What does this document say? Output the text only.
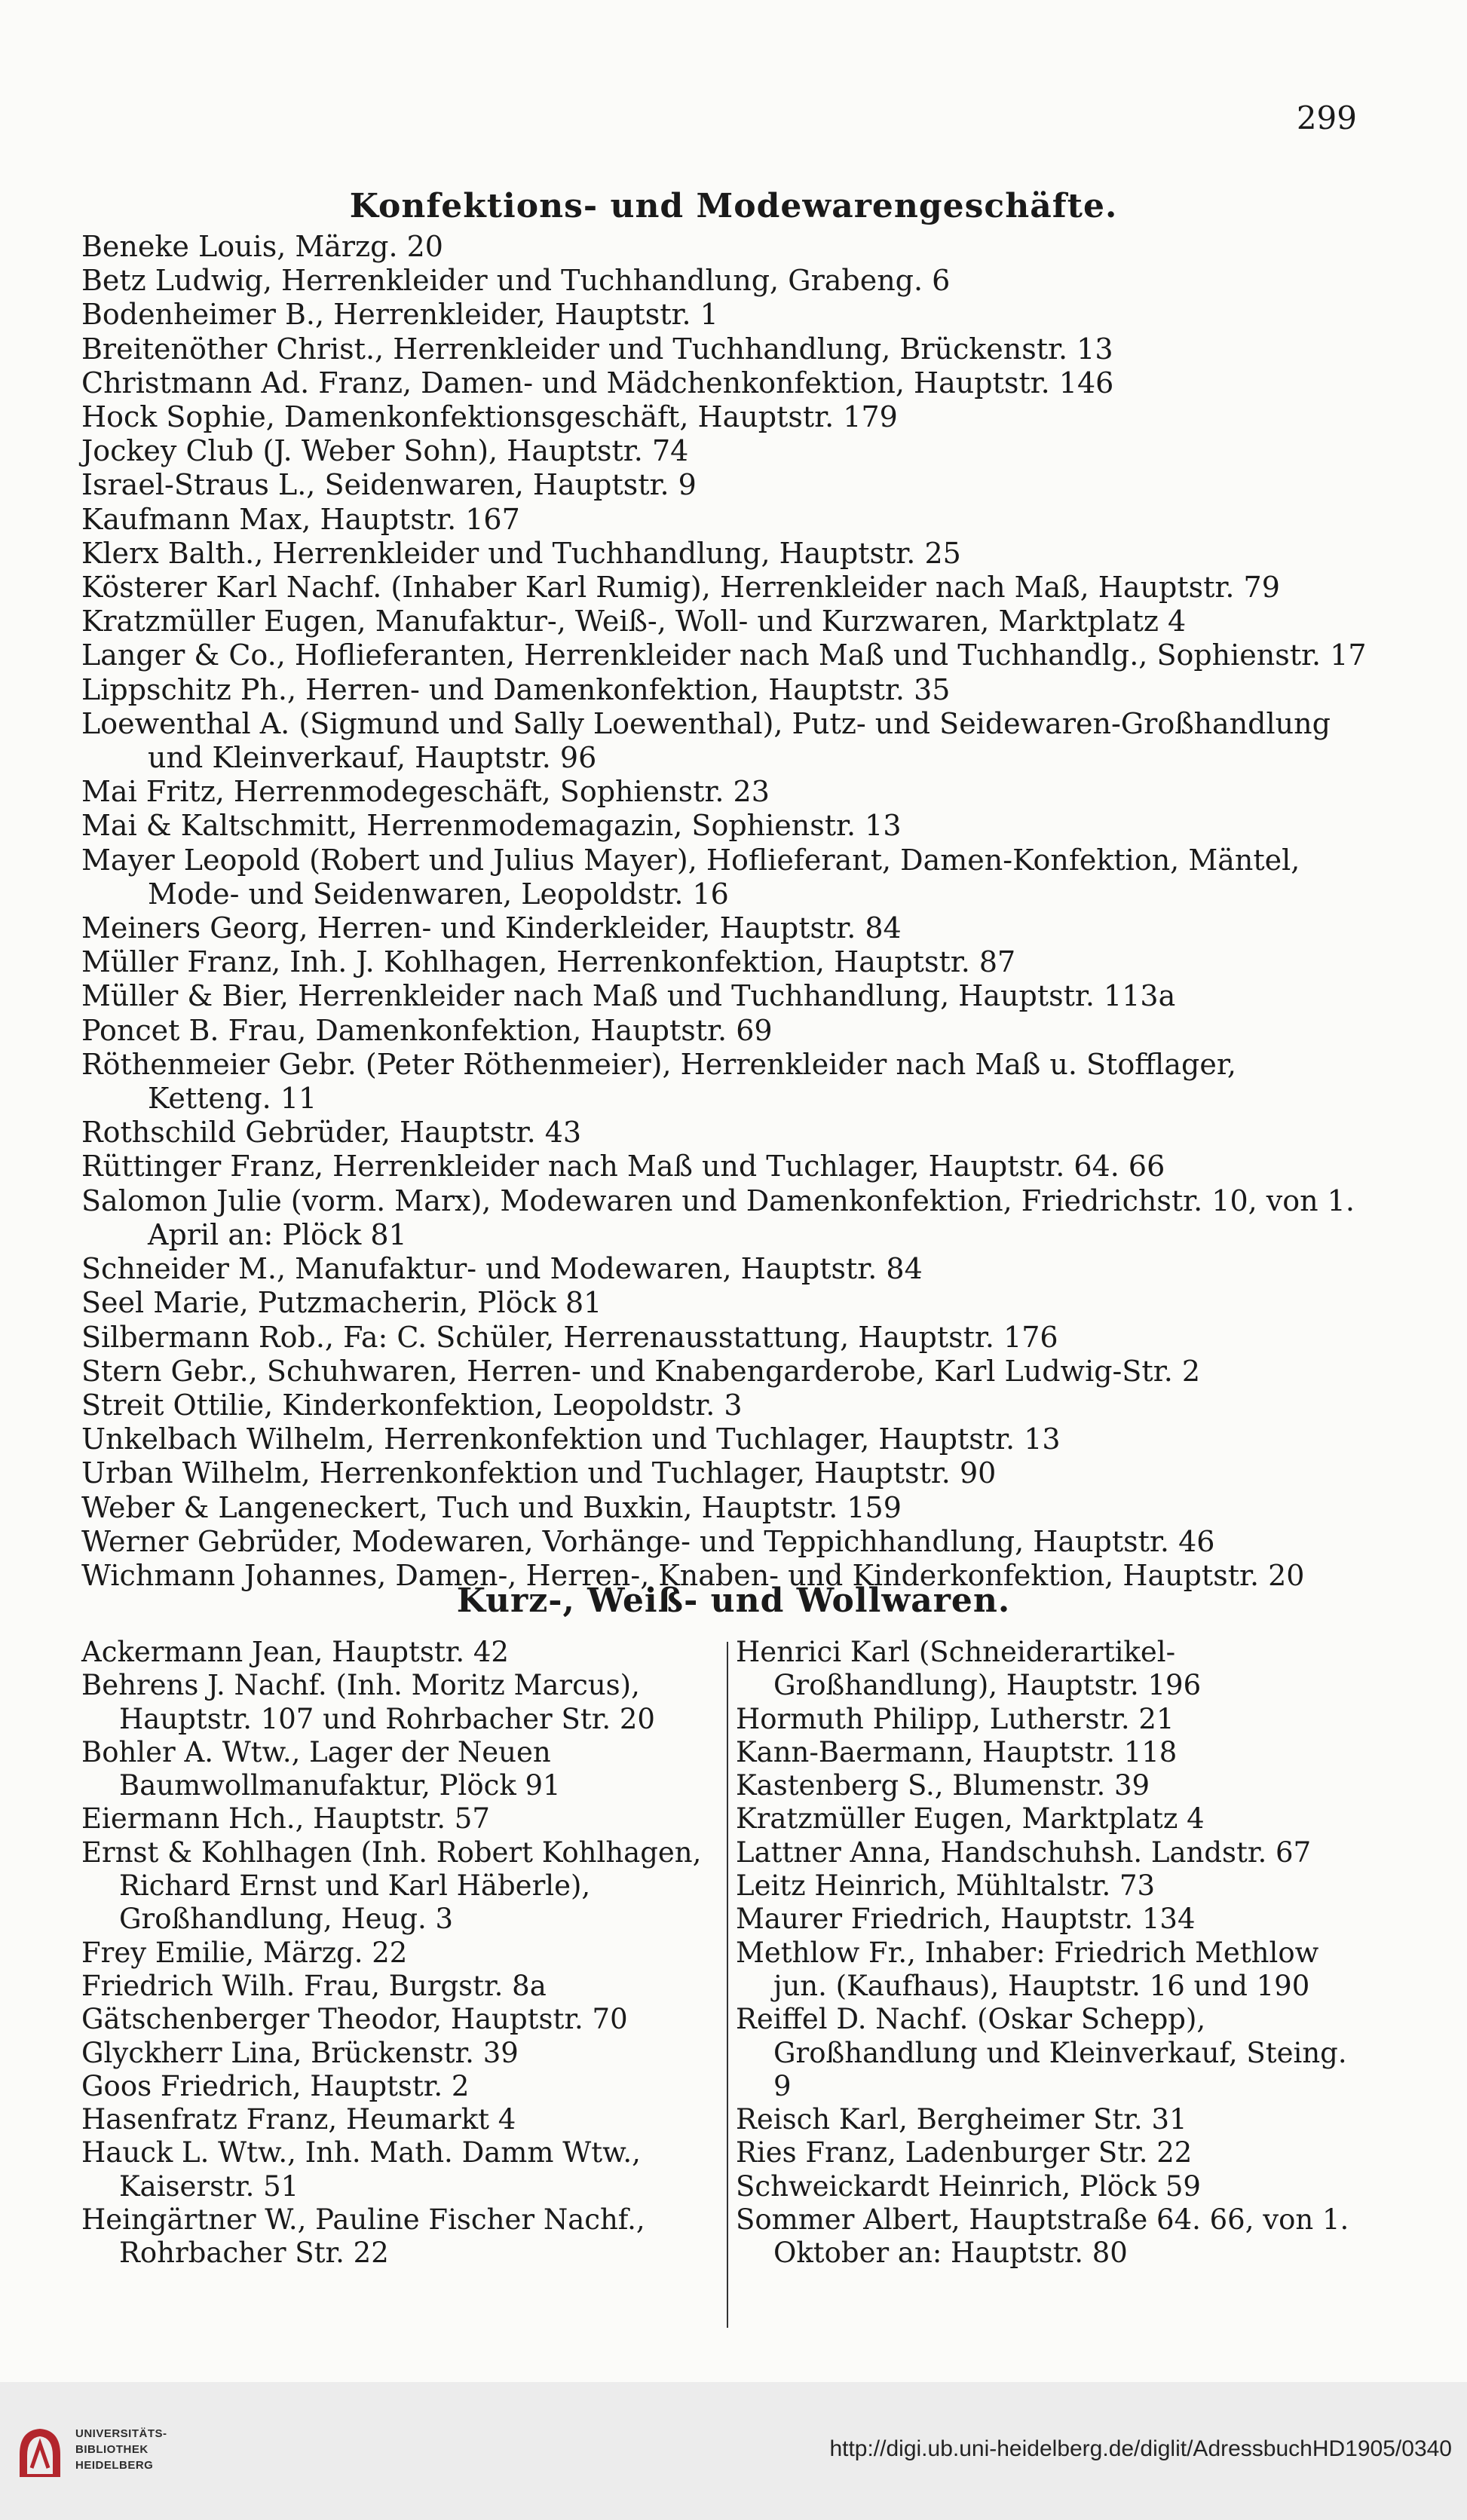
299
Konfektions- und Modewarengeschäfte.
Beneke Louis, Märzg. 20
Betz Ludwig, Herrenkleider und Tuchhandlung, Grabeng. 6
Bodenheimer B., Herrenkleider, Hauptstr. 1
Breitenöther Christ., Herrenkleider und Tuchhandlung, Brückenstr. 13
Christmann Ad. Franz, Damen- und Mädchenkonfektion, Hauptstr. 146
Hock Sophie, Damenkonfektionsgeschäft, Hauptstr. 179
Jockey Club (J. Weber Sohn), Hauptstr. 74
Israel-Straus L., Seidenwaren, Hauptstr. 9
Kaufmann Max, Hauptstr. 167
Klerx Balth., Herrenkleider und Tuchhandlung, Hauptstr. 25
Kösterer Karl Nachf. (Inhaber Karl Rumig), Herrenkleider nach Maß, Hauptstr. 79
Kratzmüller Eugen, Manufaktur-, Weiß-, Woll- und Kurzwaren, Marktplatz 4
Langer & Co., Hoflieferanten, Herrenkleider nach Maß und Tuchhandlg., Sophienstr. 17
Lippschitz Ph., Herren- und Damenkonfektion, Hauptstr. 35
Loewenthal A. (Sigmund und Sally Loewenthal), Putz- und Seidewaren-Großhandlung und Kleinverkauf, Hauptstr. 96
Mai Fritz, Herrenmodegeschäft, Sophienstr. 23
Mai & Kaltschmitt, Herrenmodemagazin, Sophienstr. 13
Mayer Leopold (Robert und Julius Mayer), Hoflieferant, Damen-Konfektion, Mäntel, Mode- und Seidenwaren, Leopoldstr. 16
Meiners Georg, Herren- und Kinderkleider, Hauptstr. 84
Müller Franz, Inh. J. Kohlhagen, Herrenkonfektion, Hauptstr. 87
Müller & Bier, Herrenkleider nach Maß und Tuchhandlung, Hauptstr. 113a
Poncet B. Frau, Damenkonfektion, Hauptstr. 69
Röthenmeier Gebr. (Peter Röthenmeier), Herrenkleider nach Maß u. Stofflager, Ketteng. 11
Rothschild Gebrüder, Hauptstr. 43
Rüttinger Franz, Herrenkleider nach Maß und Tuchlager, Hauptstr. 64. 66
Salomon Julie (vorm. Marx), Modewaren und Damenkonfektion, Friedrichstr. 10, von 1. April an: Plöck 81
Schneider M., Manufaktur- und Modewaren, Hauptstr. 84
Seel Marie, Putzmacherin, Plöck 81
Silbermann Rob., Fa: C. Schüler, Herrenausstattung, Hauptstr. 176
Stern Gebr., Schuhwaren, Herren- und Knabengarderobe, Karl Ludwig-Str. 2
Streit Ottilie, Kinderkonfektion, Leopoldstr. 3
Unkelbach Wilhelm, Herrenkonfektion und Tuchlager, Hauptstr. 13
Urban Wilhelm, Herrenkonfektion und Tuchlager, Hauptstr. 90
Weber & Langeneckert, Tuch und Buxkin, Hauptstr. 159
Werner Gebrüder, Modewaren, Vorhänge- und Teppichhandlung, Hauptstr. 46
Wichmann Johannes, Damen-, Herren-, Knaben- und Kinderkonfektion, Hauptstr. 20
Kurz-, Weiß- und Wollwaren.
Ackermann Jean, Hauptstr. 42
Behrens J. Nachf. (Inh. Moritz Marcus), Hauptstr. 107 und Rohrbacher Str. 20
Bohler A. Wtw., Lager der Neuen Baumwollmanufaktur, Plöck 91
Eiermann Hch., Hauptstr. 57
Ernst & Kohlhagen (Inh. Robert Kohlhagen, Richard Ernst und Karl Häberle), Großhandlung, Heug. 3
Frey Emilie, Märzg. 22
Friedrich Wilh. Frau, Burgstr. 8a
Gätschenberger Theodor, Hauptstr. 70
Glyckherr Lina, Brückenstr. 39
Goos Friedrich, Hauptstr. 2
Hasenfratz Franz, Heumarkt 4
Hauck L. Wtw., Inh. Math. Damm Wtw., Kaiserstr. 51
Heingärtner W., Pauline Fischer Nachf., Rohrbacher Str. 22
Henrici Karl (Schneiderartikel-Großhandlung), Hauptstr. 196
Hormuth Philipp, Lutherstr. 21
Kann-Baermann, Hauptstr. 118
Kastenberg S., Blumenstr. 39
Kratzmüller Eugen, Marktplatz 4
Lattner Anna, Handschuhsh. Landstr. 67
Leitz Heinrich, Mühltalstr. 73
Maurer Friedrich, Hauptstr. 134
Methlow Fr., Inhaber: Friedrich Methlow jun. (Kaufhaus), Hauptstr. 16 und 190
Reiffel D. Nachf. (Oskar Schepp), Großhandlung und Kleinverkauf, Steing. 9
Reisch Karl, Bergheimer Str. 31
Ries Franz, Ladenburger Str. 22
Schweickardt Heinrich, Plöck 59
Sommer Albert, Hauptstraße 64. 66, von 1. Oktober an: Hauptstr. 80
UNIVERSITÄTS-
BIBLIOTHEK
HEIDELBERG
http://digi.ub.uni-heidelberg.de/diglit/AdressbuchHD1905/0340
